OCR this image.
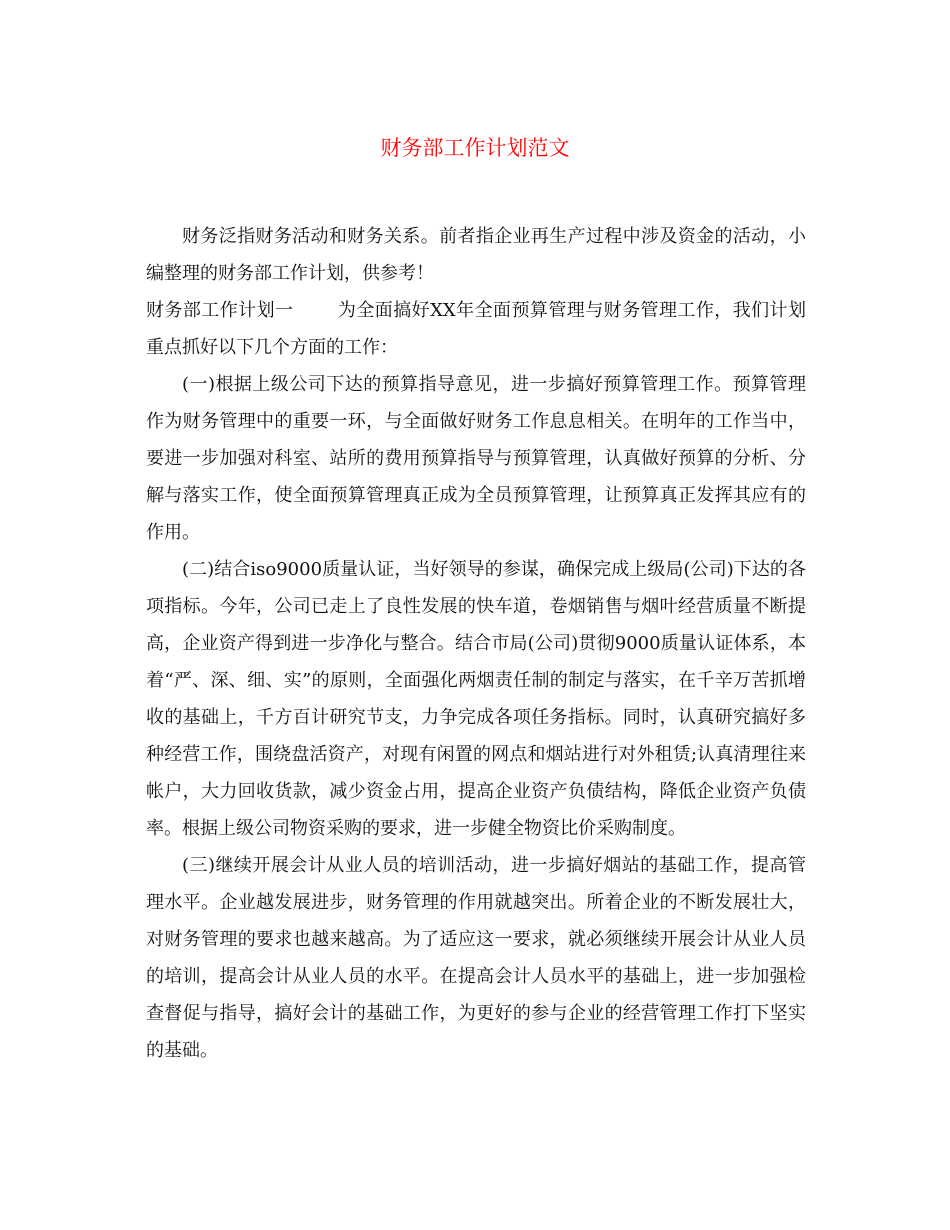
财务部工作计划范文

财务泛指财务活动和财务关系。前者指企业再生产过程中涉及资金的活动，小编整理的财务部工作计划，供参考！

财务部工作计划一 为全面搞好XX年全面预算管理与财务管理工作，我们计划重点抓好以下几个方面的工作：

(一)根据上级公司下达的预算指导意见，进一步搞好预算管理工作。预算管理作为财务管理中的重要一环，与全面做好财务工作息息相关。在明年的工作当中，要进一步加强对科室、站所的费用预算指导与预算管理，认真做好预算的分析、分解与落实工作，使全面预算管理真正成为全员预算管理，让预算真正发挥其应有的作用。

(二)结合iso9000质量认证，当好领导的参谋，确保完成上级局(公司)下达的各项指标。今年，公司已走上了良性发展的快车道，卷烟销售与烟叶经营质量不断提高，企业资产得到进一步净化与整合。结合市局(公司)贯彻9000质量认证体系，本着“严、深、细、实”的原则，全面强化两烟责任制的制定与落实，在千辛万苦抓增收的基础上，千方百计研究节支，力争完成各项任务指标。同时，认真研究搞好多种经营工作，围绕盘活资产，对现有闲置的网点和烟站进行对外租赁;认真清理往来帐户，大力回收货款，减少资金占用，提高企业资产负债结构，降低企业资产负债率。根据上级公司物资采购的要求，进一步健全物资比价采购制度。

(三)继续开展会计从业人员的培训活动，进一步搞好烟站的基础工作，提高管理水平。企业越发展进步，财务管理的作用就越突出。所着企业的不断发展壮大，对财务管理的要求也越来越高。为了适应这一要求，就必须继续开展会计从业人员的培训，提高会计从业人员的水平。在提高会计人员水平的基础上，进一步加强检查督促与指导，搞好会计的基础工作，为更好的参与企业的经营管理工作打下坚实的基础。
